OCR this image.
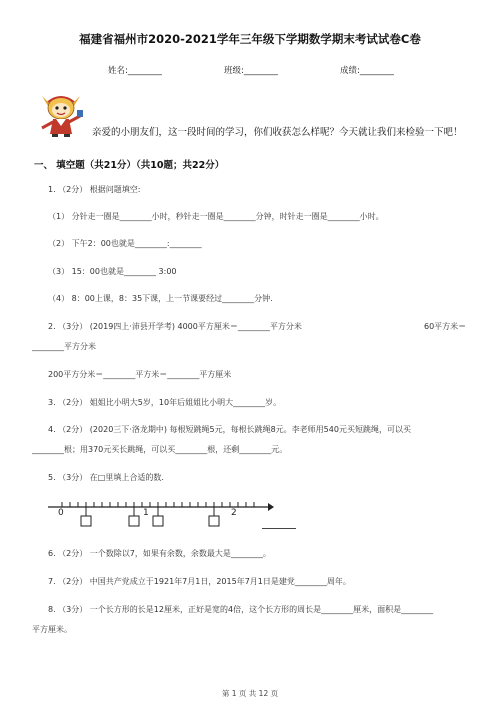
福建省福州市2020-2021学年三年级下学期数学期末考试试卷C卷
姓名:________	班级:________	成绩:________
亲爱的小朋友们，这一段时间的学习，你们收获怎么样呢？今天就让我们来检验一下吧！
一、 填空题（共21分）（共10题；共22分）
1. （2分） 根据问题填空:
（1） 分针走一圈是________小时，秒针走一圈是________分钟，时针走一圈是________小时。
（2） 下午2：00也就是________:________
（3） 15：00也就是________ 3:00
（4） 8：00上课，8：35下课，上一节课要经过________分钟.
2. （3分） (2019四上·沛县开学考) 4000平方厘米＝________平方分米	60平方米＝
________平方分米
200平方分米＝________平方米＝________平方厘米
3. （2分） 姐姐比小明大5岁，10年后姐姐比小明大________岁。
4. （2分） (2020三下·洛龙期中) 每根短跳绳5元，每根长跳绳8元。李老师用540元买短跳绳，可以买
________根；用370元买长跳绳，可以买________根，还剩________元。
5. （3分） 在□里填上合适的数.
0	1	2
6. （2分） 一个数除以7，如果有余数，余数最大是________。
7. （2分） 中国共产党成立于1921年7月1日，2015年7月1日是建党________周年。
8. （3分） 一个长方形的长是12厘米，正好是宽的4倍，这个长方形的周长是________厘米，面积是________
平方厘米。
第 1 页 共 12 页
